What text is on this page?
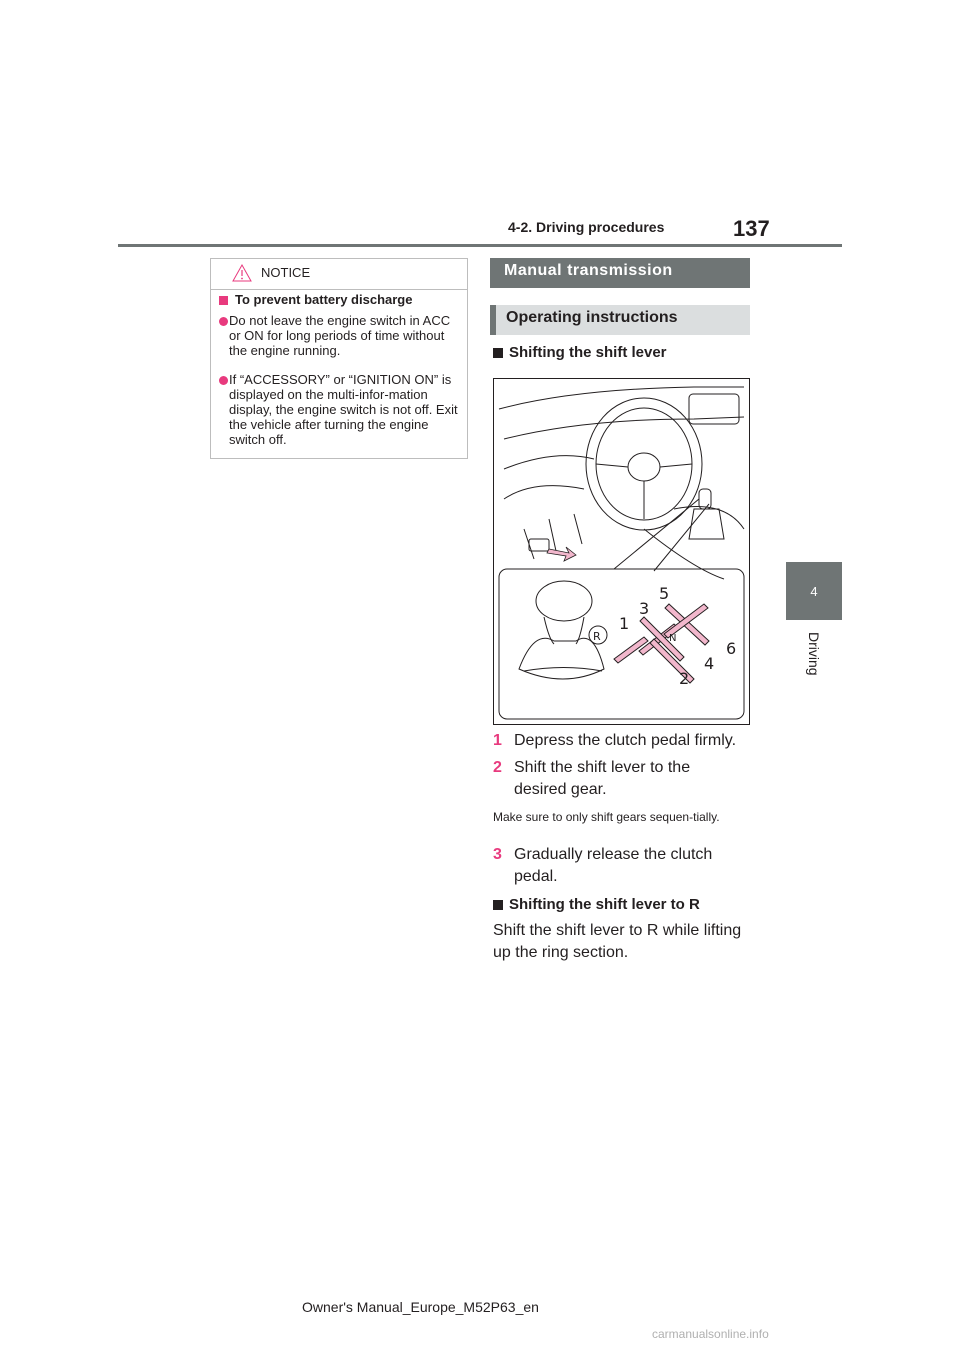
137
4-2. Driving procedures
4
Driving
NOTICE
To prevent battery discharge
Do not leave the engine switch in ACC or ON for long periods of time without the engine running.
If “ACCESSORY” or “IGNITION ON” is displayed on the multi-infor-mation display, the engine switch is not off. Exit the vehicle after turning the engine switch off.
Manual transmission
Operating instructions
Shifting the shift lever
R
1
3
5
2
4
6
N
1 Depress the clutch pedal firmly.
2 Shift the shift lever to the desired gear.
Make sure to only shift gears sequen-tially.
3 Gradually release the clutch pedal.
Shifting the shift lever to R
Shift the shift lever to R while lifting up the ring section.
Owner's Manual_Europe_M52P63_en
carmanualsonline.info
